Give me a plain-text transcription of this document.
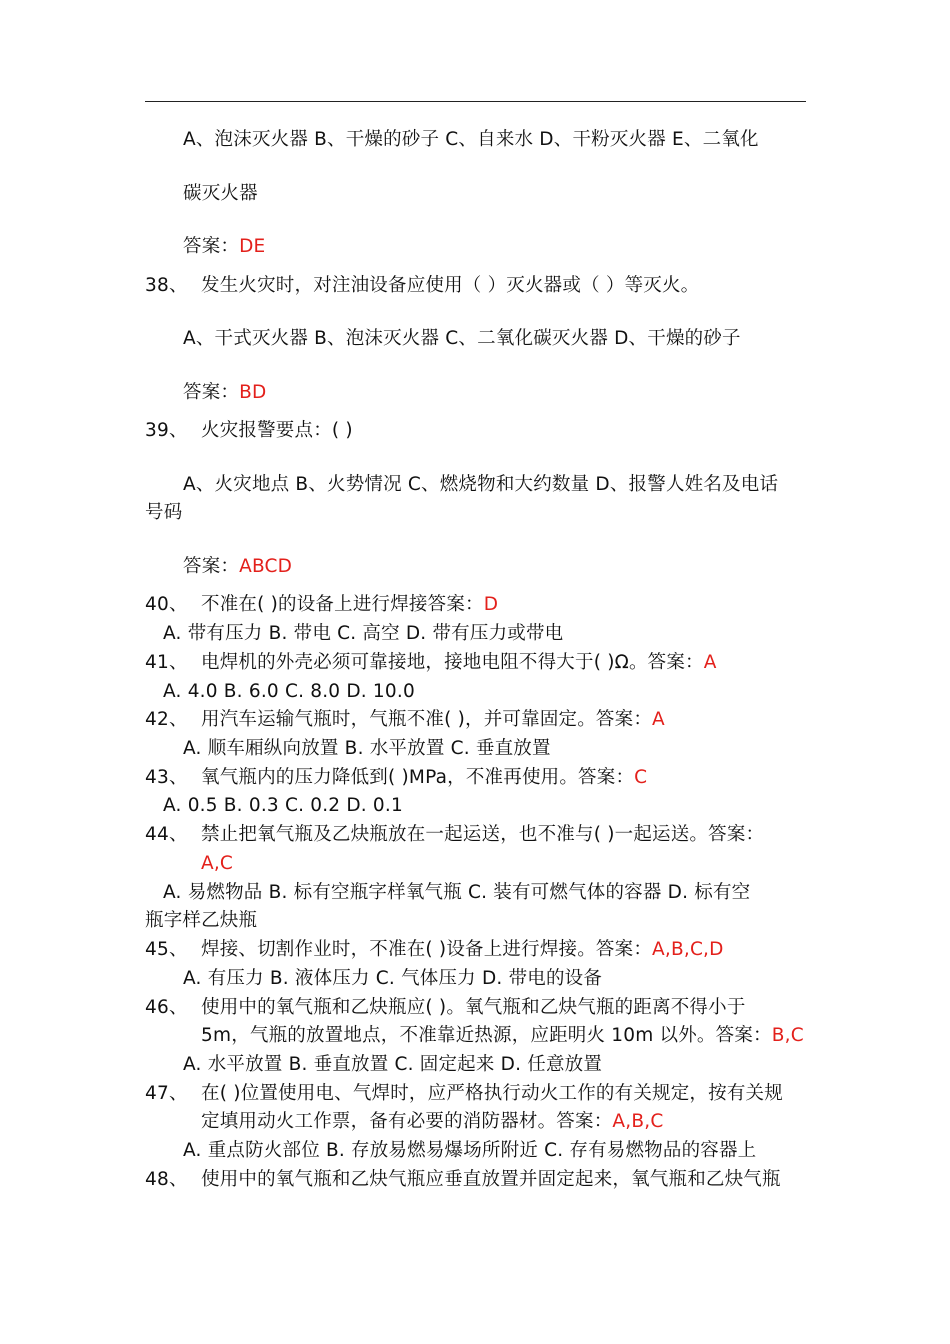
A、泡沫灭火器 B、干燥的砂子 C、自来水 D、干粉灭火器 E、二氧化
碳灭火器
答案：DE
38、 发生火灾时，对注油设备应使用（ ）灭火器或（ ）等灭火。
A、干式灭火器 B、泡沫灭火器 C、二氧化碳灭火器 D、干燥的砂子
答案：BD
39、 火灾报警要点：( )
A、火灾地点 B、火势情况 C、燃烧物和大约数量 D、报警人姓名及电话
号码
答案：ABCD
40、 不准在( )的设备上进行焊接答案：D
A. 带有压力 B. 带电 C. 高空 D. 带有压力或带电
41、 电焊机的外壳必须可靠接地，接地电阻不得大于( )Ω。答案：A
A. 4.0 B. 6.0 C. 8.0 D. 10.0
42、 用汽车运输气瓶时，气瓶不准( )，并可靠固定。答案：A
A. 顺车厢纵向放置 B. 水平放置 C. 垂直放置
43、 氧气瓶内的压力降低到( )MPa，不准再使用。答案：C
A. 0.5 B. 0.3 C. 0.2 D. 0.1
44、 禁止把氧气瓶及乙炔瓶放在一起运送，也不准与( )一起运送。答案：
A,C
A. 易燃物品 B. 标有空瓶字样氧气瓶 C. 装有可燃气体的容器 D. 标有空
瓶字样乙炔瓶
45、 焊接、切割作业时，不准在( )设备上进行焊接。答案：A,B,C,D
A. 有压力 B. 液体压力 C. 气体压力 D. 带电的设备
46、 使用中的氧气瓶和乙炔瓶应( )。氧气瓶和乙炔气瓶的距离不得小于
5m，气瓶的放置地点，不准靠近热源，应距明火 10m 以外。答案：B,C
A. 水平放置 B. 垂直放置 C. 固定起来 D. 任意放置
47、 在( )位置使用电、气焊时，应严格执行动火工作的有关规定，按有关规
定填用动火工作票，备有必要的消防器材。答案：A,B,C
A. 重点防火部位 B. 存放易燃易爆场所附近 C. 存有易燃物品的容器上
48、 使用中的氧气瓶和乙炔气瓶应垂直放置并固定起来，氧气瓶和乙炔气瓶
